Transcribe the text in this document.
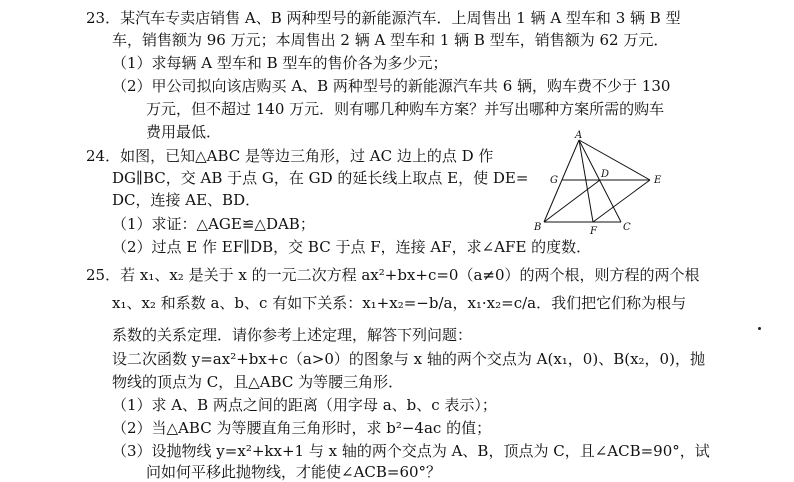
23．某汽车专卖店销售 A、B 两种型号的新能源汽车．上周售出 1 辆 A 型车和 3 辆 B 型
车，销售额为 96 万元；本周售出 2 辆 A 型车和 1 辆 B 型车，销售额为 62 万元．
（1）求每辆 A 型车和 B 型车的售价各为多少元；
（2）甲公司拟向该店购买 A、B 两种型号的新能源汽车共 6 辆，购车费不少于 130
万元，但不超过 140 万元．则有哪几种购车方案？并写出哪种方案所需的购车
费用最低．
24．如图，已知△ABC 是等边三角形，过 AC 边上的点 D 作
DG∥BC，交 AB 于点 G，在 GD 的延长线上取点 E，使 DE=
DC，连接 AE、BD．
（1）求证：△AGE≌△DAB；
（2）过点 E 作 EF∥DB，交 BC 于点 F，连接 AF，求∠AFE 的度数．
A
B	C
D
E
F
G
25．若 x₁、x₂ 是关于 x 的一元二次方程 ax²+bx+c=0（a≠0）的两个根，则方程的两个根
x₁、x₂ 和系数 a、b、c 有如下关系：x₁+x₂=−b/a，x₁·x₂=c/a．我们把它们称为根与
系数的关系定理．请你参考上述定理，解答下列问题：
设二次函数 y=ax²+bx+c（a>0）的图象与 x 轴的两个交点为 A(x₁，0)、B(x₂，0)，抛
物线的顶点为 C，且△ABC 为等腰三角形．
（1）求 A、B 两点之间的距离（用字母 a、b、c 表示）；
（2）当△ABC 为等腰直角三角形时，求 b²−4ac 的值；
（3）设抛物线 y=x²+kx+1 与 x 轴的两个交点为 A、B，顶点为 C，且∠ACB=90°，试
问如何平移此抛物线，才能使∠ACB=60°？
